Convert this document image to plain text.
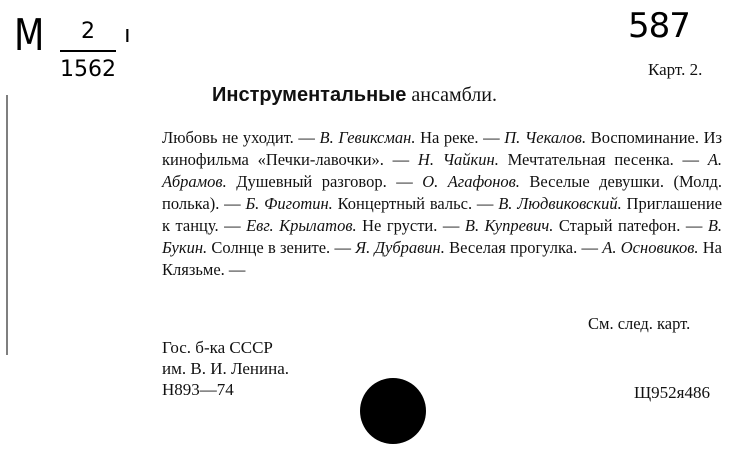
М	2
1562
ı	587
Карт. 2.
Инструментальные ансамбли.

Любовь не уходит. — В. Гевиксман. На реке. — П. Чекалов. Воспоминание. Из кинофильма «Печки-лавочки». — Н. Чайкин. Мечтательная песенка. — А. Абрамов. Душевный разговор. — О. Агафонов. Веселые девушки. (Молд. полька). — Б. Фиготин. Концертный вальс. — В. Людвиковский. Приглашение к танцу. — Евг. Крылатов. Не грусти. — В. Купревич. Старый патефон. — В. Букин. Солнце в зените. — Я. Дубравин. Веселая прогулка. — А. Основиков. На Клязьме. —

См. след. карт.
Гос. б-ка СССР
им. В. И. Ленина.
Н893—74	Щ952я486
